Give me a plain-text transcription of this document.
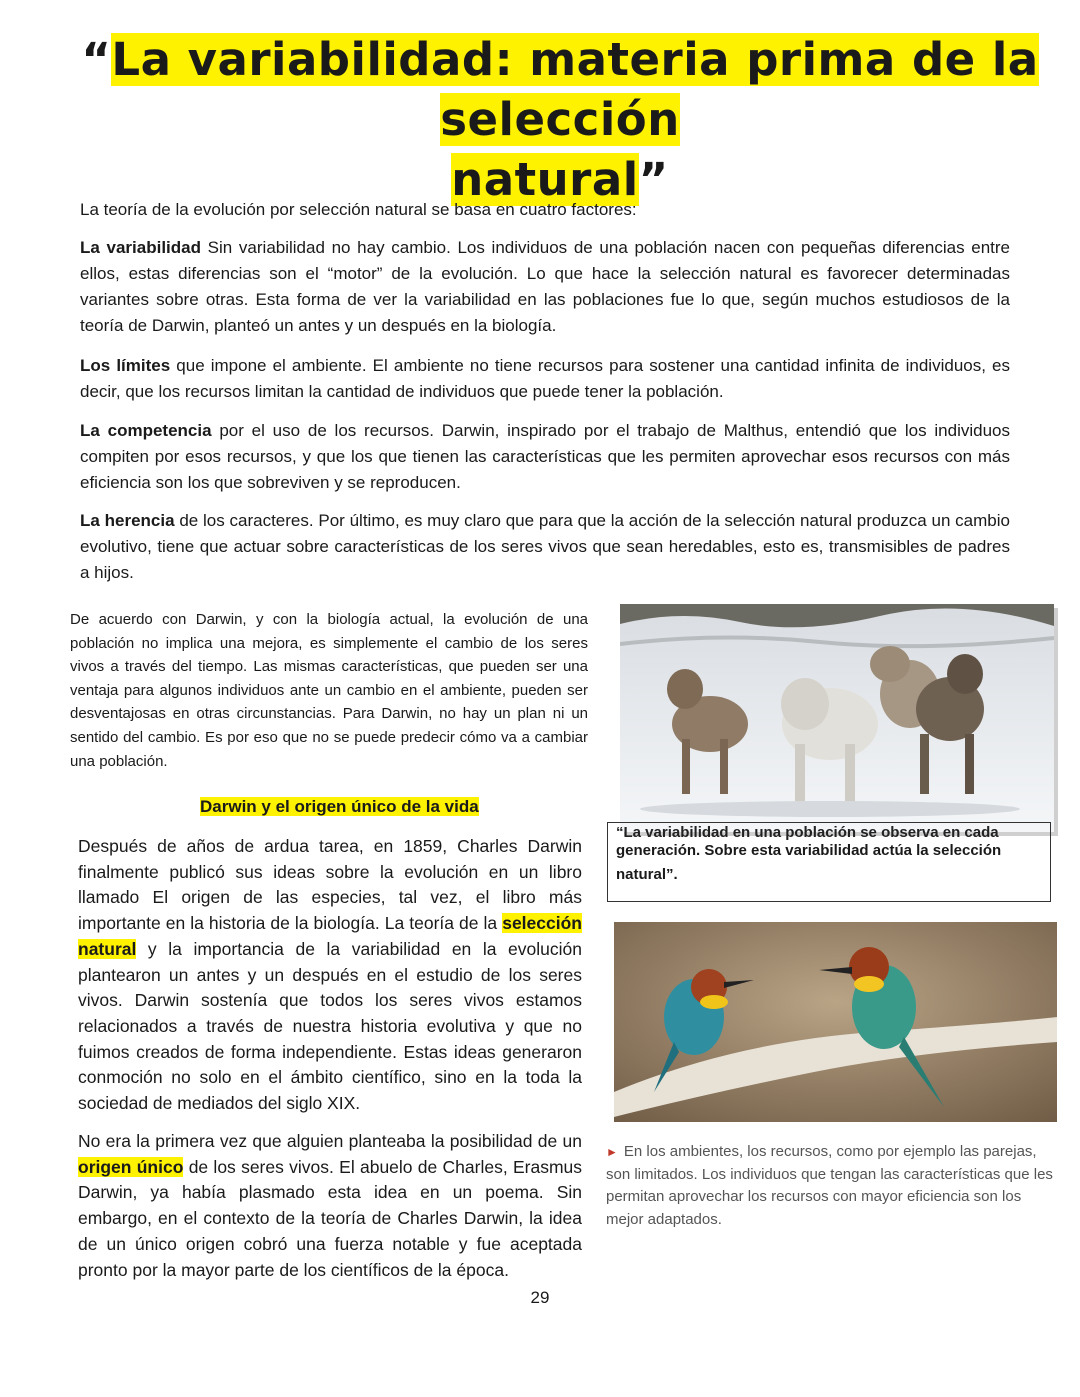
“La variabilidad: materia prima de la selección
natural”

La teoría de la evolución por selección natural se basa en cuatro factores:

La variabilidad Sin variabilidad no hay cambio. Los individuos de una población nacen con pequeñas diferencias entre ellos, estas diferencias son el “motor” de la evolución. Lo que hace la selección natural es favorecer determinadas variantes sobre otras. Esta forma de ver la variabilidad en las poblaciones fue lo que, según muchos estudiosos de la teoría de Darwin, planteó un antes y un después en la biología.

Los límites que impone el ambiente. El ambiente no tiene recursos para sostener una cantidad infinita de individuos, es decir, que los recursos limitan la cantidad de individuos que puede tener la población.

La competencia por el uso de los recursos. Darwin, inspirado por el trabajo de Malthus, entendió que los individuos compiten por esos recursos, y que los que tienen las características que les permiten aprovechar esos recursos con más eficiencia son los que sobreviven y se reproducen.

La herencia de los caracteres. Por último, es muy claro que para que la acción de la selección natural produzca un cambio evolutivo, tiene que actuar sobre características de los seres vivos que sean heredables, esto es, transmisibles de padres a hijos.

De acuerdo con Darwin, y con la biología actual, la evolución de una población no implica una mejora, es simplemente el cambio de los seres vivos a través del tiempo. Las mismas características, que pueden ser una ventaja para algunos individuos ante un cambio en el ambiente, pueden ser desventajosas en otras circunstancias. Para Darwin, no hay un plan ni un sentido del cambio. Es por eso que no se puede predecir cómo va a cambiar una población.

Darwin y el origen único de la vida

Después de años de ardua tarea, en 1859, Charles Darwin finalmente publicó sus ideas sobre la evolución en un libro llamado El origen de las especies, tal vez, el libro más importante en la historia de la biología. La teoría de la selección natural y la importancia de la variabilidad en la evolución plantearon un antes y un después en el estudio de los seres vivos. Darwin sostenía que todos los seres vivos estamos relacionados a través de nuestra historia evolutiva y que no fuimos creados de forma independiente. Estas ideas generaron conmoción no solo en el ámbito científico, sino en la toda la sociedad de mediados del siglo XIX.

No era la primera vez que alguien planteaba la posibilidad de un origen único de los seres vivos. El abuelo de Charles, Erasmus Darwin, ya había plasmado esta idea en un poema. Sin embargo, en el contexto de la teoría de Charles Darwin, la idea de un único origen cobró una fuerza notable y fue aceptada pronto por la mayor parte de los científicos de la época.

“La variabilidad en una población se observa en cada
generación. Sobre esta variabilidad actúa la selección natural”.
► En los ambientes, los recursos, como por ejemplo las parejas, son limitados. Los individuos que tengan las características que les permitan aprovechar los recursos con mayor eficiencia son los mejor adaptados.
29
